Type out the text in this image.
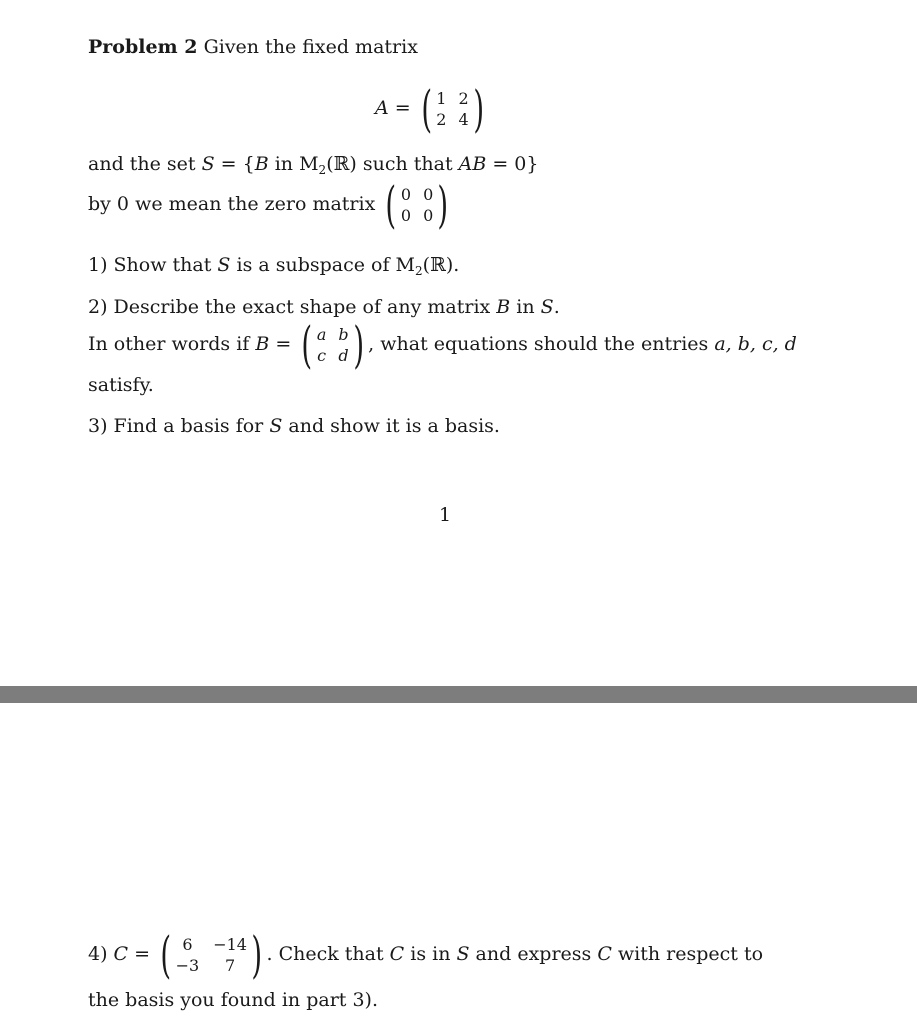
Problem 2 Given the fixed matrix
A = ( 1 2
2 4 )
and the set S = {B in $M_2(ℝ)$ such that AB = 0}
by 0 we mean the zero matrix ( 0 0
0 0 )
1) Show that S is a subspace of $M_2(ℝ)$.
2) Describe the exact shape of any matrix B in S.
In other words if B = ( a b
c d ) , what equations should the entries a, b, c, d
satisfy.
3) Find a basis for S and show it is a basis.
1
4) C = ( 6	−14
−3	7 ) . Check that C is in S and express C with respect to
the basis you found in part 3).
